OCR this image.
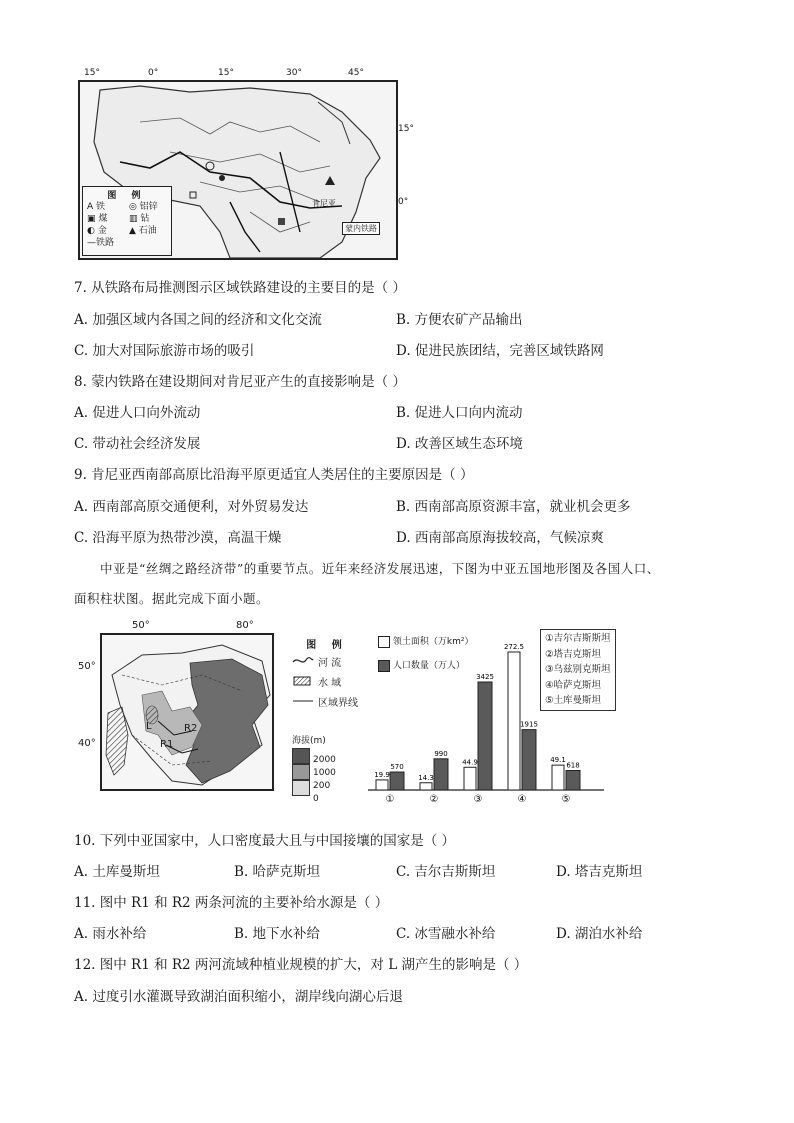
15°	0°	15°	30°	45°
15°
0°
图 例
A 铁	◎ 铝锌
▣ 煤	▥ 钻
◐ 金	▲ 石油
—铁路
肯尼亚
蒙内铁路
7. 从铁路布局推测图示区域铁路建设的主要目的是（ ）
A. 加强区域内各国之间的经济和文化交流	B. 方便农矿产品输出
C. 加大对国际旅游市场的吸引	D. 促进民族团结，完善区域铁路网
8. 蒙内铁路在建设期间对肯尼亚产生的直接影响是（ ）
A. 促进人口向外流动	B. 促进人口向内流动
C. 带动社会经济发展	D. 改善区域生态环境
9. 肯尼亚西南部高原比沿海平原更适宜人类居住的主要原因是（ ）
A. 西南部高原交通便利，对外贸易发达	B. 西南部高原资源丰富，就业机会更多
C. 沿海平原为热带沙漠，高温干燥	D. 西南部高原海拔较高，气候凉爽
中亚是“丝绸之路经济带”的重要节点。近年来经济发展迅速，下图为中亚五国地形图及各国人口、
面积柱状图。据此完成下面小题。
50°	80°
50°
40°
L
R1
R2
图 例
河 流
水 域
区域界线
海拔(m)
2000
1000
200
0
19.9
570
①
14.3
990
②
44.9
3425
③
272.5
1915
④
49.1
618
⑤
领土面积（万km²）
人口数量（万人）
①吉尔吉斯斯坦
②塔吉克斯坦
③乌兹别克斯坦
④哈萨克斯坦
⑤土库曼斯坦
10. 下列中亚国家中，人口密度最大且与中国接壤的国家是（ ）
A. 土库曼斯坦	B. 哈萨克斯坦	C. 吉尔吉斯斯坦	D. 塔吉克斯坦
11. 图中 R1 和 R2 两条河流的主要补给水源是（ ）
A. 雨水补给	B. 地下水补给	C. 冰雪融水补给	D. 湖泊水补给
12. 图中 R1 和 R2 两河流域种植业规模的扩大，对 L 湖产生的影响是（ ）
A. 过度引水灌溉导致湖泊面积缩小，湖岸线向湖心后退
